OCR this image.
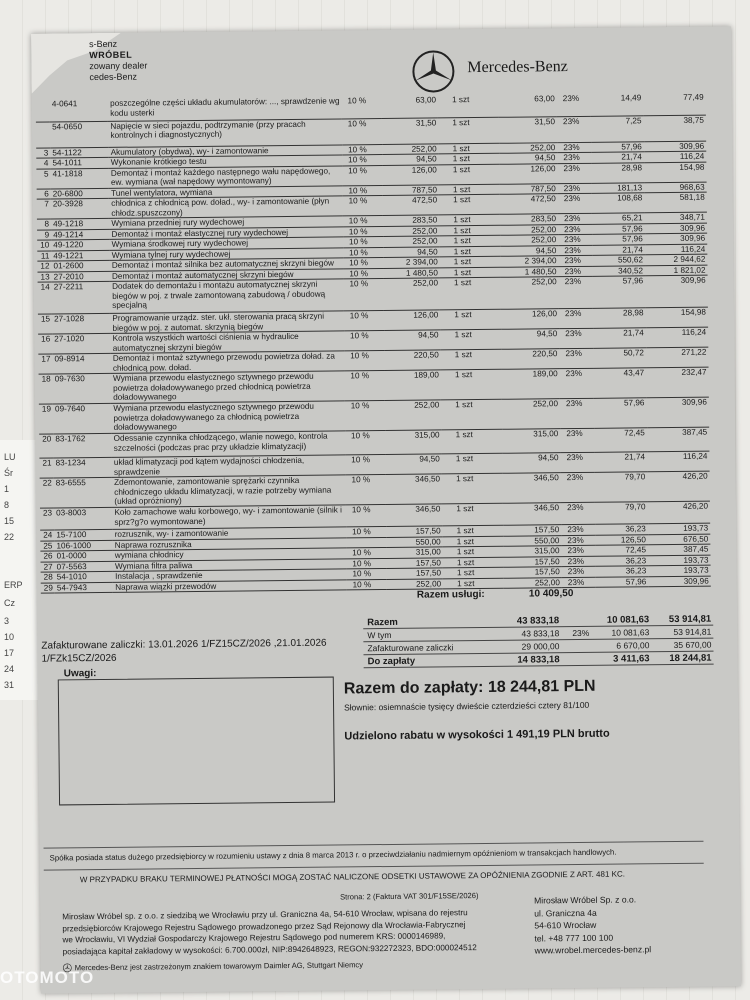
LU
Śr
1
8
15
22
ERP
Cz
3
10
17
24
31
s-Benz
WRÓBEL
zowany dealer
cedes-Benz
Mercedes-Benz
	4-0641	poszczególne części układu akumulatorów: ..., sprawdzenie wg kodu usterki	10 %	63,00	1 szt	63,00	23%	14,49	77,49
	54-0650	Napięcie w sieci pojazdu, podtrzymanie (przy pracach kontrolnych i diagnostycznych)	10 %	31,50	1 szt	31,50	23%	7,25	38,75
3	54-1122	Akumulatory (obydwa), wy- i zamontowanie	10 %	252,00	1 szt	252,00	23%	57,96	309,96
4	54-1011	Wykonanie krótkiego testu	10 %	94,50	1 szt	94,50	23%	21,74	116,24
5	41-1818	Demontaż i montaż każdego następnego wału napędowego, ew. wymiana (wał napędowy wymontowany)	10 %	126,00	1 szt	126,00	23%	28,98	154,98
6	20-6800	Tunel wentylatora, wymiana	10 %	787,50	1 szt	787,50	23%	181,13	968,63
7	20-3928	chłodnica z chłodnicą pow. doład., wy- i zamontowanie (płyn chłodz.spuszczony)	10 %	472,50	1 szt	472,50	23%	108,68	581,18
8	49-1218	Wymiana przedniej rury wydechowej	10 %	283,50	1 szt	283,50	23%	65,21	348,71
9	49-1214	Demontaż i montaż elastycznej rury wydechowej	10 %	252,00	1 szt	252,00	23%	57,96	309,96
10	49-1220	Wymiana środkowej rury wydechowej	10 %	252,00	1 szt	252,00	23%	57,96	309,96
11	49-1221	Wymiana tylnej rury wydechowej	10 %	94,50	1 szt	94,50	23%	21,74	116,24
12	01-2600	Demontaż i montaż silnika bez automatycznej skrzyni biegów	10 %	2 394,00	1 szt	2 394,00	23%	550,62	2 944,62
13	27-2010	Demontaż i montaż automatycznej skrzyni biegów	10 %	1 480,50	1 szt	1 480,50	23%	340,52	1 821,02
14	27-2211	Dodatek do demontażu i montażu automatycznej skrzyni biegów w poj. z trwale zamontowaną zabudową / obudową specjalną	10 %	252,00	1 szt	252,00	23%	57,96	309,96
15	27-1028	Programowanie urządz. ster. ukł. sterowania pracą skrzyni biegów w poj. z automat. skrzynią biegów	10 %	126,00	1 szt	126,00	23%	28,98	154,98
16	27-1020	Kontrola wszystkich wartości ciśnienia w hydraulice automatycznej skrzyni biegów	10 %	94,50	1 szt	94,50	23%	21,74	116,24
17	09-8914	Demontaż i montaż sztywnego przewodu powietrza doład. za chłodnicą pow. doład.	10 %	220,50	1 szt	220,50	23%	50,72	271,22
18	09-7630	Wymiana przewodu elastycznego sztywnego przewodu powietrza doładowywanego przed chłodnicą powietrza doładowywanego	10 %	189,00	1 szt	189,00	23%	43,47	232,47
19	09-7640	Wymiana przewodu elastycznego sztywnego przewodu powietrza doładowywanego za chłodnicą powietrza doładowywanego	10 %	252,00	1 szt	252,00	23%	57,96	309,96
20	83-1762	Odessanie czynnika chłodzącego, wlanie nowego, kontrola szczelności (podczas prac przy układzie klimatyzacji)	10 %	315,00	1 szt	315,00	23%	72,45	387,45
21	83-1234	układ klimatyzacji pod kątem wydajności chłodzenia, sprawdzenie	10 %	94,50	1 szt	94,50	23%	21,74	116,24
22	83-6555	Zdemontowanie, zamontowanie sprężarki czynnika chłodniczego układu klimatyzacji, w razie potrzeby wymiana (układ opróżniony)	10 %	346,50	1 szt	346,50	23%	79,70	426,20
23	03-8003	Koło zamachowe wału korbowego, wy- i zamontowanie (silnik i sprz?g?o wymontowane)	10 %	346,50	1 szt	346,50	23%	79,70	426,20
24	15-7100	rozrusznik, wy- i zamontowanie	10 %	157,50	1 szt	157,50	23%	36,23	193,73
25	106-1000	Naprawa rozrusznika		550,00	1 szt	550,00	23%	126,50	676,50
26	01-0000	wymiana chłodnicy	10 %	315,00	1 szt	315,00	23%	72,45	387,45
27	07-5563	Wymiana filtra paliwa	10 %	157,50	1 szt	157,50	23%	36,23	193,73
28	54-1010	Instalacja , sprawdzenie	10 %	157,50	1 szt	157,50	23%	36,23	193,73
29	54-7943	Naprawa wiązki przewodów	10 %	252,00	1 szt	252,00	23%	57,96	309,96
Razem usługi:	10 409,50
Razem	43 833,18	10 081,63	53 914,81
W tym	43 833,18	23%	10 081,63	53 914,81
Zafakturowane zaliczki	29 000,00	6 670,00	35 670,00
Do zapłaty	14 833,18	3 411,63	18 244,81
Zafakturowane zaliczki: 13.01.2026 1/FZ15CZ/2026 ,21.01.2026
1/FZk15CZ/2026
Uwagi:
Razem do zapłaty: 18 244,81 PLN
Słownie: osiemnaście tysięcy dwieście czterdzieści cztery 81/100
Udzielono rabatu w wysokości 1 491,19 PLN brutto
Spółka posiada status dużego przedsiębiorcy w rozumieniu ustawy z dnia 8 marca 2013 r. o przeciwdziałaniu nadmiernym opóźnieniom w transakcjach handlowych.
W PRZYPADKU BRAKU TERMINOWEJ PŁATNOŚCI MOGĄ ZOSTAĆ NALICZONE ODSETKI USTAWOWE ZA OPÓŹNIENIA ZGODNIE Z ART. 481 KC.
Strona: 2 (Faktura VAT 301/F15SE/2026)
Mirosław Wróbel sp. z o.o. z siedzibą we Wrocławiu przy ul. Graniczna 4a, 54-610 Wrocław, wpisana do rejestru
przedsiębiorców Krajowego Rejestru Sądowego prowadzonego przez Sąd Rejonowy dla Wrocławia-Fabrycznej
we Wrocławiu, VI Wydział Gospodarczy Krajowego Rejestru Sądowego pod numerem KRS: 0000146989,
posiadająca kapitał zakładowy w wysokości: 6.700.000zł, NIP:8942648923, REGON:932272323, BDO:000024512
Mirosław Wróbel Sp. z o.o.
ul. Graniczna 4a
54-610 Wrocław
tel. +48 777 100 100
www.wrobel.mercedes-benz.pl
Mercedes-Benz jest zastrzeżonym znakiem towarowym Daimler AG, Stuttgart Niemcy
OTOMOTO
